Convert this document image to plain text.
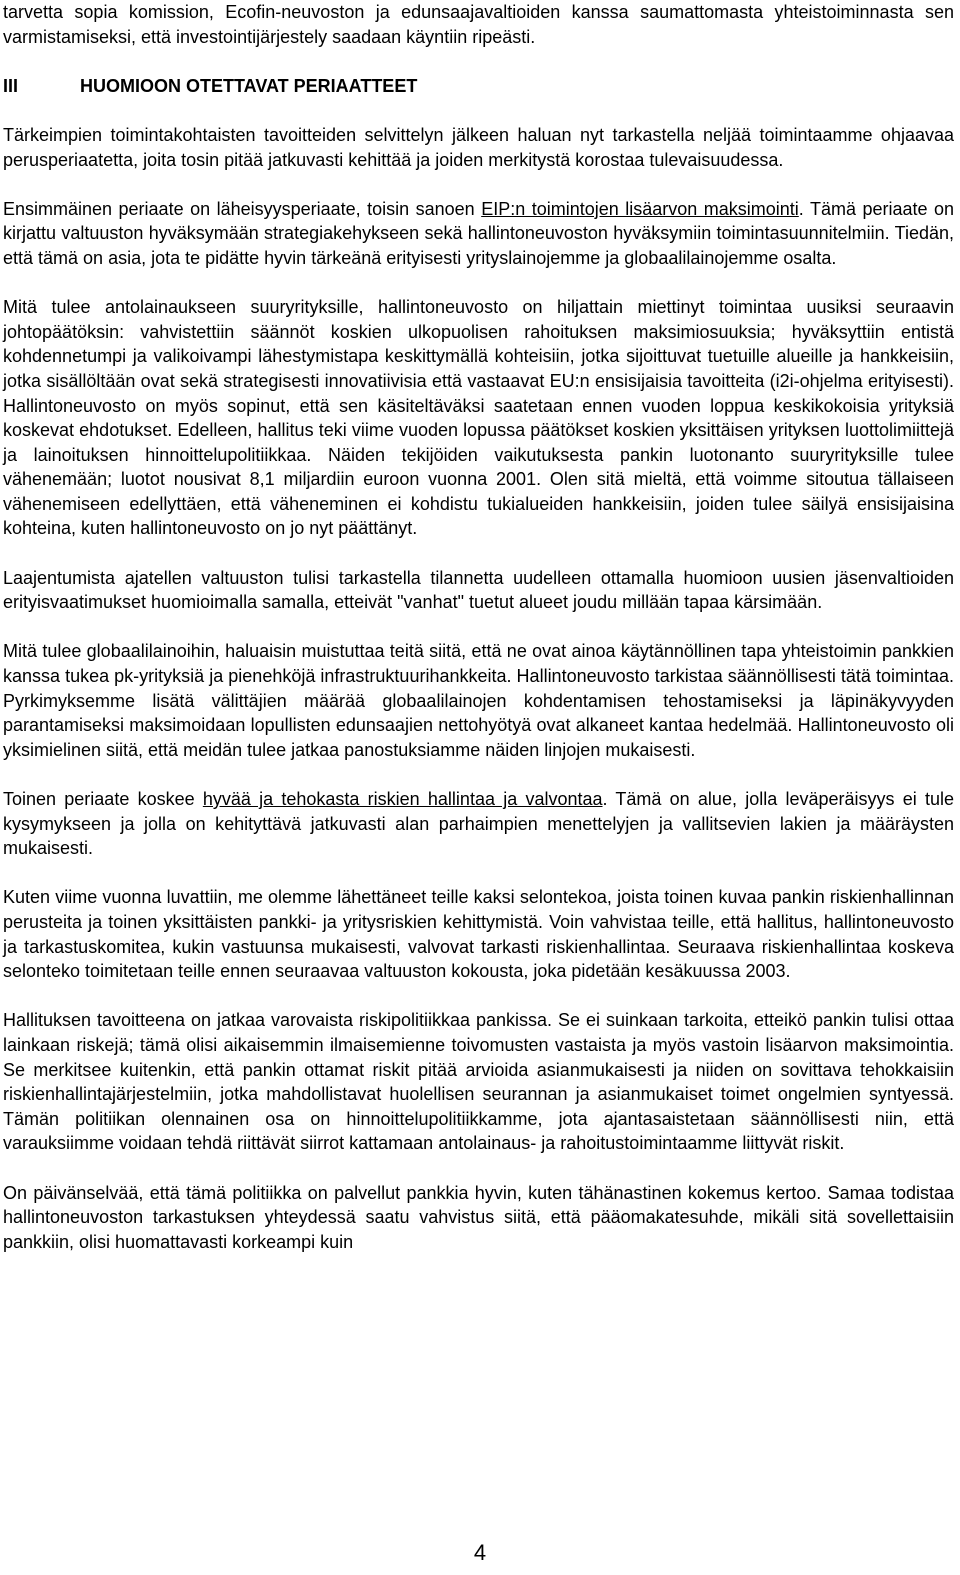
tarvetta sopia komission, Ecofin-neuvoston ja edunsaajavaltioiden kanssa saumattomasta yhteistoiminnasta sen varmistamiseksi, että investointijärjestely saadaan käyntiin ripeästi.

III	HUOMIOON OTETTAVAT PERIAATTEET

Tärkeimpien toimintakohtaisten tavoitteiden selvittelyn jälkeen haluan nyt tarkastella neljää toimintaamme ohjaavaa perusperiaatetta, joita tosin pitää jatkuvasti kehittää ja joiden merkitystä korostaa tulevaisuudessa.

Ensimmäinen periaate on läheisyysperiaate, toisin sanoen EIP:n toimintojen lisäarvon maksimointi. Tämä periaate on kirjattu valtuuston hyväksymään strategiakehykseen sekä hallintoneuvoston hyväksymiin toimintasuunnitelmiin. Tiedän, että tämä on asia, jota te pidätte hyvin tärkeänä erityisesti yrityslainojemme ja globaalilainojemme osalta.

Mitä tulee antolainaukseen suuryrityksille, hallintoneuvosto on hiljattain miettinyt toimintaa uusiksi seuraavin johtopäätöksin: vahvistettiin säännöt koskien ulkopuolisen rahoituksen maksimiosuuksia; hyväksyttiin entistä kohdennetumpi ja valikoivampi lähestymistapa keskittymällä kohteisiin, jotka sijoittuvat tuetuille alueille ja hankkeisiin, jotka sisällöltään ovat sekä strategisesti innovatiivisia että vastaavat EU:n ensisijaisia tavoitteita (i2i-ohjelma erityisesti). Hallintoneuvosto on myös sopinut, että sen käsiteltäväksi saatetaan ennen vuoden loppua keskikokoisia yrityksiä koskevat ehdotukset. Edelleen, hallitus teki viime vuoden lopussa päätökset koskien yksittäisen yrityksen luottolimiittejä ja lainoituksen hinnoittelupolitiikkaa. Näiden tekijöiden vaikutuksesta pankin luotonanto suuryrityksille tulee vähenemään; luotot nousivat 8,1 miljardiin euroon vuonna 2001. Olen sitä mieltä, että voimme sitoutua tällaiseen vähenemiseen edellyttäen, että väheneminen ei kohdistu tukialueiden hankkeisiin, joiden tulee säilyä ensisijaisina kohteina, kuten hallintoneuvosto on jo nyt päättänyt.

Laajentumista ajatellen valtuuston tulisi tarkastella tilannetta uudelleen ottamalla huomioon uusien jäsenvaltioiden erityisvaatimukset huomioimalla samalla, etteivät "vanhat" tuetut alueet joudu millään tapaa kärsimään.

Mitä tulee globaalilainoihin, haluaisin muistuttaa teitä siitä, että ne ovat ainoa käytännöllinen tapa yhteistoimin pankkien kanssa tukea pk-yrityksiä ja pienehköjä infrastruktuurihankkeita. Hallintoneuvosto tarkistaa säännöllisesti tätä toimintaa. Pyrkimyksemme lisätä välittäjien määrää globaalilainojen kohdentamisen tehostamiseksi ja läpinäkyvyyden parantamiseksi maksimoidaan lopullisten edunsaajien nettohyötyä ovat alkaneet kantaa hedelmää. Hallintoneuvosto oli yksimielinen siitä, että meidän tulee jatkaa panostuksiamme näiden linjojen mukaisesti.

Toinen periaate koskee hyvää ja tehokasta riskien hallintaa ja valvontaa. Tämä on alue, jolla leväperäisyys ei tule kysymykseen ja jolla on kehityttävä jatkuvasti alan parhaimpien menettelyjen ja vallitsevien lakien ja määräysten mukaisesti.

Kuten viime vuonna luvattiin, me olemme lähettäneet teille kaksi selontekoa, joista toinen kuvaa pankin riskienhallinnan perusteita ja toinen yksittäisten pankki- ja yritysriskien kehittymistä. Voin vahvistaa teille, että hallitus, hallintoneuvosto ja tarkastuskomitea, kukin vastuunsa mukaisesti, valvovat tarkasti riskienhallintaa. Seuraava riskienhallintaa koskeva selonteko toimitetaan teille ennen seuraavaa valtuuston kokousta, joka pidetään kesäkuussa 2003.

Hallituksen tavoitteena on jatkaa varovaista riskipolitiikkaa pankissa. Se ei suinkaan tarkoita, etteikö pankin tulisi ottaa lainkaan riskejä; tämä olisi aikaisemmin ilmaisemienne toivomusten vastaista ja myös vastoin lisäarvon maksimointia. Se merkitsee kuitenkin, että pankin ottamat riskit pitää arvioida asianmukaisesti ja niiden on sovittava tehokkaisiin riskienhallintajärjestelmiin, jotka mahdollistavat huolellisen seurannan ja asianmukaiset toimet ongelmien syntyessä. Tämän politiikan olennainen osa on hinnoittelupolitiikkamme, jota ajantasaistetaan säännöllisesti niin, että varauksiimme voidaan tehdä riittävät siirrot kattamaan antolainaus- ja rahoitustoimintaamme liittyvät riskit.

On päivänselvää, että tämä politiikka on palvellut pankkia hyvin, kuten tähänastinen kokemus kertoo. Samaa todistaa hallintoneuvoston tarkastuksen yhteydessä saatu vahvistus siitä, että pääomakatesuhde, mikäli sitä sovellettaisiin pankkiin, olisi huomattavasti korkeampi kuin

4
